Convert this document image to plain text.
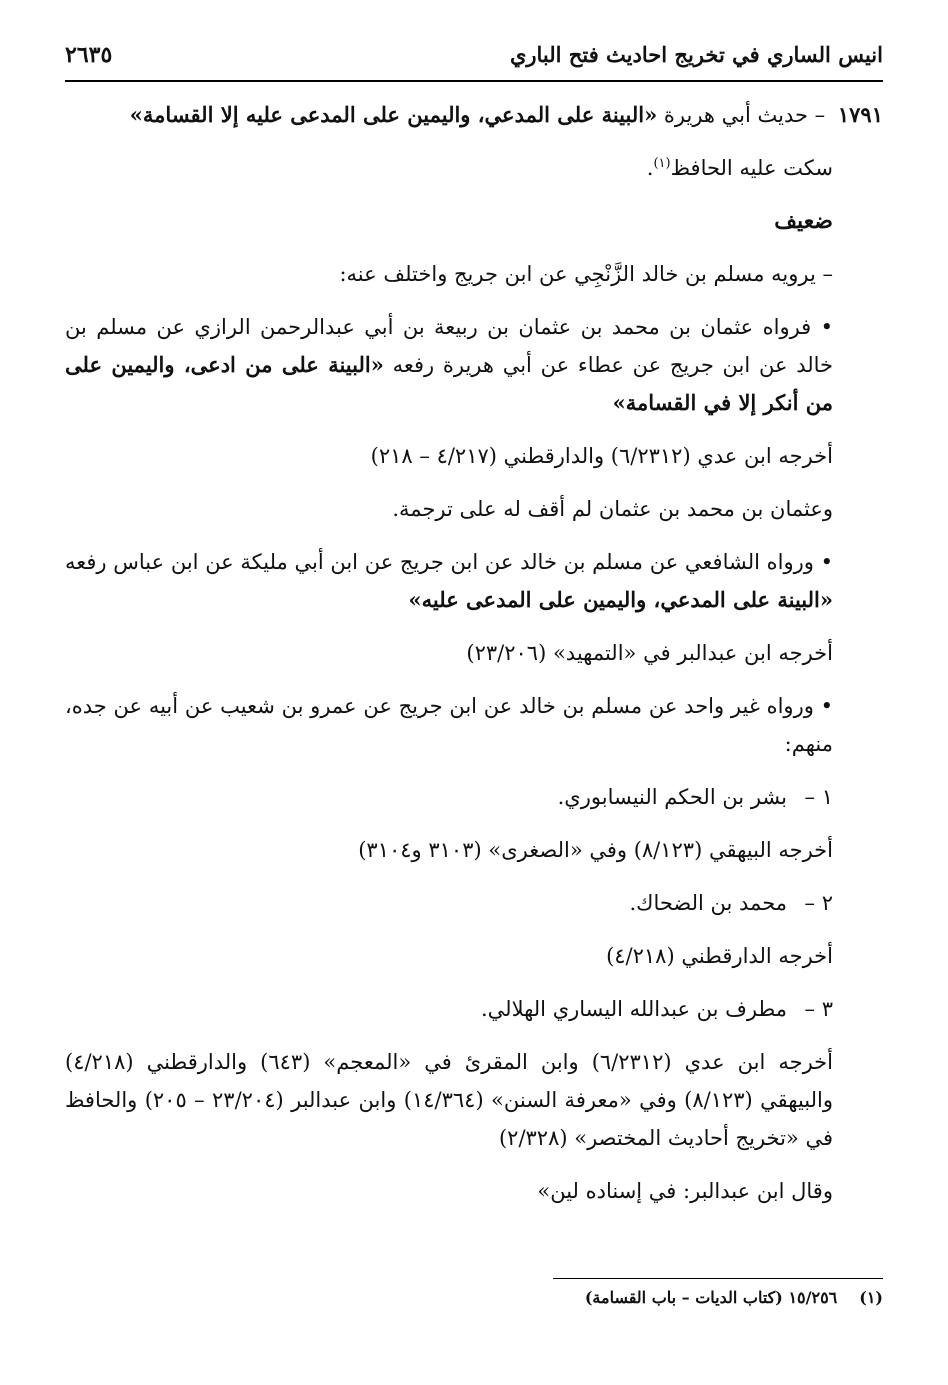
انيس الساري في تخريج احاديث فتح الباري
٢٦٣٥

١٧٩١ – حديث أبي هريرة «البينة على المدعي، واليمين على المدعى عليه إلا القسامة»

سكت عليه الحافظ$^{(١)}$.

ضعيف

– يرويه مسلم بن خالد الزَّنْجِي عن ابن جريج واختلف عنه:

• فرواه عثمان بن محمد بن عثمان بن ربيعة بن أبي عبدالرحمن الرازي عن مسلم بن خالد عن ابن جريج عن عطاء عن أبي هريرة رفعه «البينة على من ادعى، واليمين على من أنكر إلا في القسامة»

أخرجه ابن عدي (٦/٢٣١٢) والدارقطني (٤/٢١٧ – ٢١٨)

وعثمان بن محمد بن عثمان لم أقف له على ترجمة.

• ورواه الشافعي عن مسلم بن خالد عن ابن جريج عن ابن أبي مليكة عن ابن عباس رفعه «البينة على المدعي، واليمين على المدعى عليه»

أخرجه ابن عبدالبر في «التمهيد» (٢٣/٢٠٦)

• ورواه غير واحد عن مسلم بن خالد عن ابن جريج عن عمرو بن شعيب عن أبيه عن جده، منهم:

١ –بشر بن الحكم النيسابوري.

أخرجه البيهقي (٨/١٢٣) وفي «الصغرى» (٣١٠٣ و٣١٠٤)

٢ –محمد بن الضحاك.

أخرجه الدارقطني (٤/٢١٨)

٣ –مطرف بن عبدالله اليساري الهلالي.

أخرجه ابن عدي (٦/٢٣١٢) وابن المقرئ في «المعجم» (٦٤٣) والدارقطني (٤/٢١٨) والبيهقي (٨/١٢٣) وفي «معرفة السنن» (١٤/٣٦٤) وابن عبدالبر (٢٣/٢٠٤ – ٢٠٥) والحافظ في «تخريج أحاديث المختصر» (٢/٣٢٨)

وقال ابن عبدالبر: في إسناده لين»

(١)١٥/٢٥٦ (كتاب الديات – باب القسامة)
